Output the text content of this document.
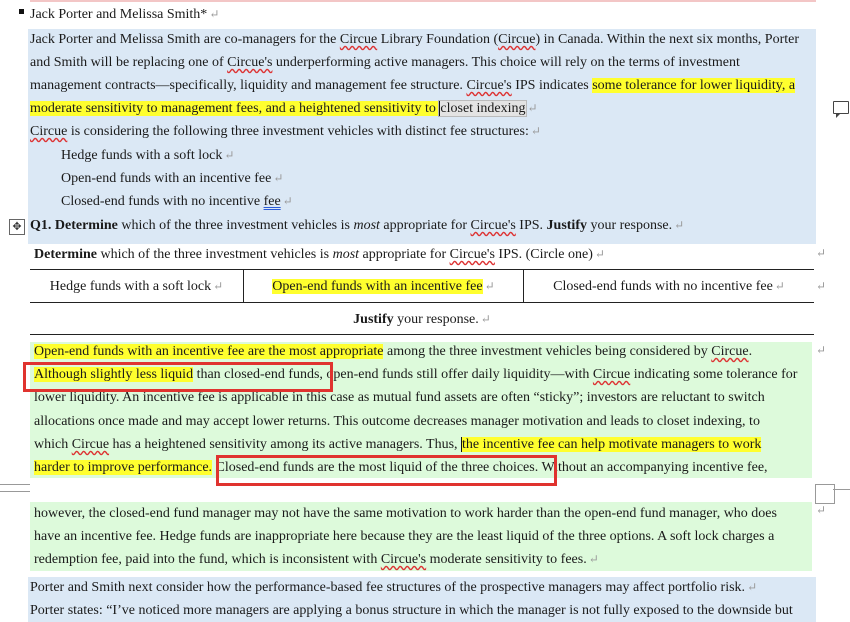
Jack Porter and Melissa Smith* ↵
Jack Porter and Melissa Smith are co-managers for the Circue Library Foundation (Circue) in Canada. Within the next six months, Porter
and Smith will be replacing one of Circue's underperforming active managers. This choice will rely on the terms of investment
management contracts—specifically, liquidity and management fee structure. Circue's IPS indicates some tolerance for lower liquidity, a
moderate sensitivity to management fees, and a heightened sensitivity to closet indexing ↵
Circue is considering the following three investment vehicles with distinct fee structures: ↵
Hedge funds with a soft lock ↵
Open-end funds with an incentive fee ↵
Closed-end funds with no incentive fee ↵
✥ Q1. Determine which of the three investment vehicles is most appropriate for Circue's IPS. Justify your response. ↵
Determine which of the three investment vehicles is most appropriate for Circue's IPS. (Circle one) ↵	↵
Hedge funds with a soft lock ↵	Open-end funds with an incentive fee ↵	Closed-end funds with no incentive fee ↵	↵
Justify your response. ↵
↵
Open-end funds with an incentive fee are the most appropriate among the three investment vehicles being considered by Circue.
Although slightly less liquid than closed-end funds, open-end funds still offer daily liquidity—with Circue indicating some tolerance for
lower liquidity. An incentive fee is applicable in this case as mutual fund assets are often “sticky”; investors are reluctant to switch
allocations once made and may accept lower returns. This outcome decreases manager motivation and leads to closet indexing, to
which Circue has a heightened sensitivity among its active managers. Thus, the incentive fee can help motivate managers to work
harder to improve performance. Closed-end funds are the most liquid of the three choices. Without an accompanying incentive fee,
↵
however, the closed-end fund manager may not have the same motivation to work harder than the open-end fund manager, who does
have an incentive fee. Hedge funds are inappropriate here because they are the least liquid of the three options. A soft lock charges a
redemption fee, paid into the fund, which is inconsistent with Circue's moderate sensitivity to fees. ↵
Porter and Smith next consider how the performance-based fee structures of the prospective managers may affect portfolio risk. ↵
Porter states: “I’ve noticed more managers are applying a bonus structure in which the manager is not fully exposed to the downside but
